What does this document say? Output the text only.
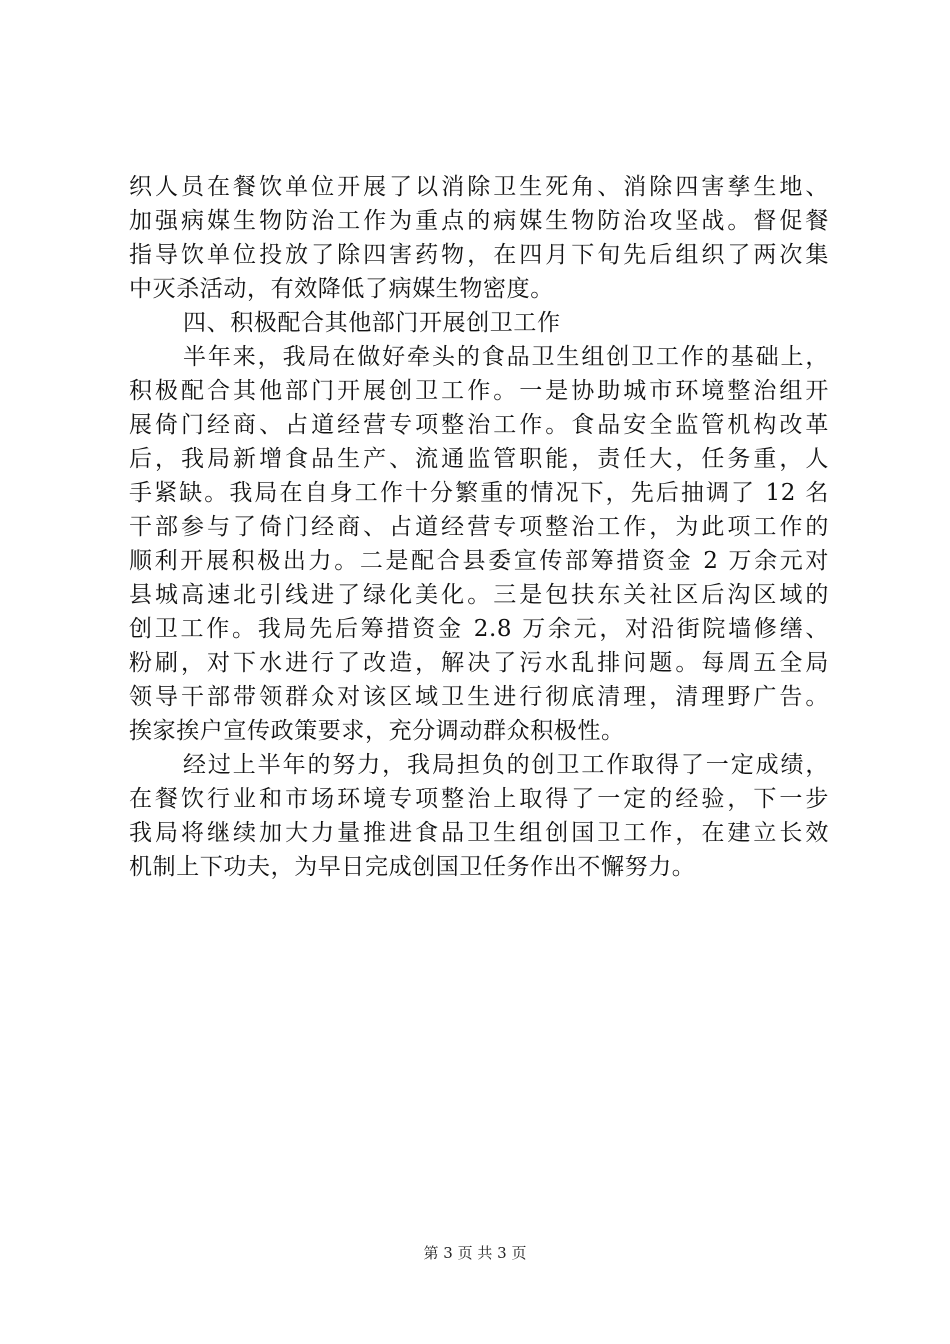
织人员在餐饮单位开展了以消除卫生死角、消除四害孳生地、
加强病媒生物防治工作为重点的病媒生物防治攻坚战。督促餐
指导饮单位投放了除四害药物，在四月下旬先后组织了两次集
中灭杀活动，有效降低了病媒生物密度。
四、积极配合其他部门开展创卫工作
半年来，我局在做好牵头的食品卫生组创卫工作的基础上，
积极配合其他部门开展创卫工作。一是协助城市环境整治组开
展倚门经商、占道经营专项整治工作。食品安全监管机构改革
后，我局新增食品生产、流通监管职能，责任大，任务重，人
手紧缺。我局在自身工作十分繁重的情况下，先后抽调了 12 名
干部参与了倚门经商、占道经营专项整治工作，为此项工作的
顺利开展积极出力。二是配合县委宣传部筹措资金 2 万余元对
县城高速北引线进了绿化美化。三是包扶东关社区后沟区域的
创卫工作。我局先后筹措资金 2.8 万余元，对沿街院墙修缮、
粉刷，对下水进行了改造，解决了污水乱排问题。每周五全局
领导干部带领群众对该区域卫生进行彻底清理，清理野广告。
挨家挨户宣传政策要求，充分调动群众积极性。
经过上半年的努力，我局担负的创卫工作取得了一定成绩，
在餐饮行业和市场环境专项整治上取得了一定的经验，下一步
我局将继续加大力量推进食品卫生组创国卫工作，在建立长效
机制上下功夫，为早日完成创国卫任务作出不懈努力。
第 3 页 共 3 页
